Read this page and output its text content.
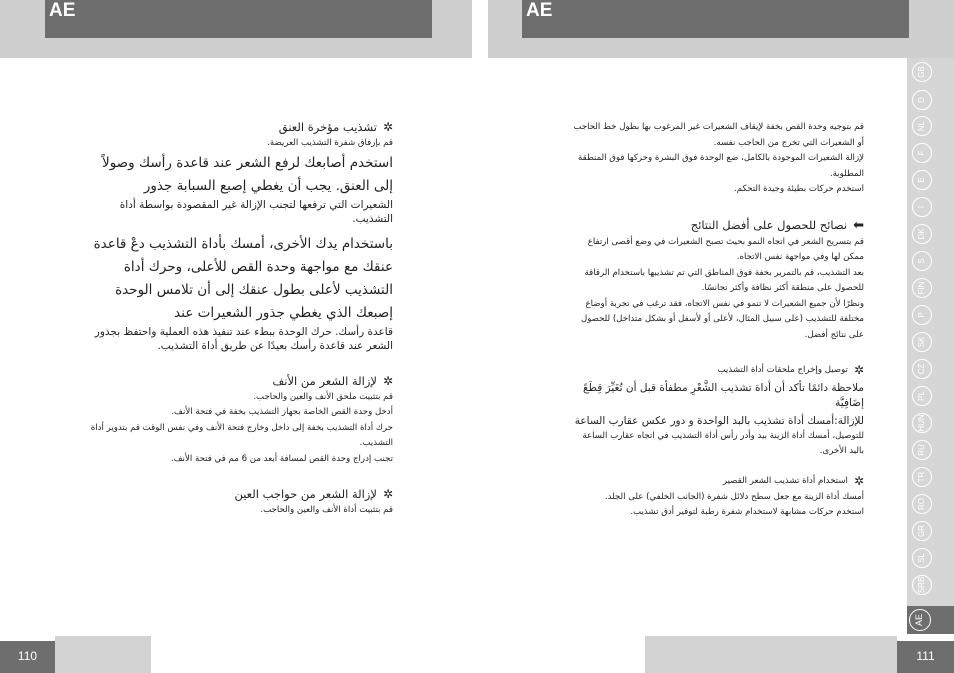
AE	AE
✲
تشذيب مؤخرة العنق

قم بإرفاق شفرة التشذيب العريضة.

استخدم أصابعك لرفع الشعر عند قاعدة رأسك وصولاً إلى العنق. يجب أن يغطي إصبع السبابة جذور

الشعيرات التي ترفعها لتجنب الإزالة غير المقصودة بواسطة أداة التشذيب.

باستخدام يدك الأخرى، أمسك بأداة التشذيب دعْ قاعدة عنقك مع مواجهة وحدة القص للأعلى، وحرك أداة التشذيب لأعلى بطول عنقك إلى أن تلامس الوحدة إصبعك الذي يغطي جذور الشعيرات عند

قاعدة رأسك. حرك الوحدة ببطء عند تنفيذ هذه العملية واحتفظ بجذور الشعر عند قاعدة رأسك بعيدًا عن طريق أداة التشذيب.

✲
لإزالة الشعر من الأنف

قم بتثبيت ملحق الأنف والعين والحاجب.

أدخل وحدة القص الخاصة بجهاز التشذيب بخفة في فتحة الأنف.

حرك أداة التشذيب بخفة إلى داخل وخارج فتحة الأنف وفي نفس الوقت قم بتدوير أداة التشذيب.

تجنب إدراج وحدة القص لمسافة أبعد من 6 مم في فتحة الأنف.

✲
لإزالة الشعر من حواجب العين

قم بتثبيت أداة الأنف والعين والحاجب.

قم بتوجيه وحدة القص بخفة لإيقاف الشعيرات غير المرغوب بها بطول خط الحاجب أو الشعيرات التي تخرج من الحاجب نفسه.

لإزالة الشعيرات الموجودة بالكامل، ضع الوحدة فوق البشرة وحركها فوق المنطقة المطلوبة.

استخدم حركات بطيئة وجيدة التحكم.

⬅
نصائح للحصول على أفضل النتائج

قم بتسريح الشعر في اتجاه النمو بحيث تصبح الشعيرات في وضع أقصى ارتفاع ممكن لها وفي مواجهة نفس الاتجاه.

بعد التشذيب، قم بالتمرير بخفة فوق المناطق التي تم تشذيبها باستخدام الرقاقة للحصول على منطقة أكثر نظافة وأكثر تجانسًا.

ونظرًا لأن جميع الشعيرات لا تنمو في نفس الاتجاه، فقد ترغب في تجربة أوضاع مختلفة للتشذيب (على سبيل المثال، لأعلى أو لأسفل أو بشكل متداخل) للحصول على نتائج أفضل.

✲
توصيل وإخراج ملحقات أداة التشذيب

ملاحظة دائمًا تأكد أن أداة تشذيب الشَّعْرِ مطفأة قبل أن تُغَيِّرَ قِطَعً إضَافِيَّة

للإزالة:أمسك أداة تشذيب بالبد الواحدة و دور عكس عقارب الساعة

للتوصيل، أمسك أداة الزينة بيد وأدر رأس أداة التشذيب في اتجاه عقارب الساعة باليد الأخرى.

✲
استخدام أداة تشذيب الشعر القصير

أمسك أداة الزينة مع جعل سطح دلائل شفرة (الجانب الخلفي) على الجلد.

استخدم حركات مشابهة لاستخدام شفرة رطبة لتوفير أدق تشذيب.

GB
D
NL
F
E
I
DK
S
FIN
P
SK
CZ
PL
HUN
RU
TR
RO
GR
SL
SRB
AE
110	111
